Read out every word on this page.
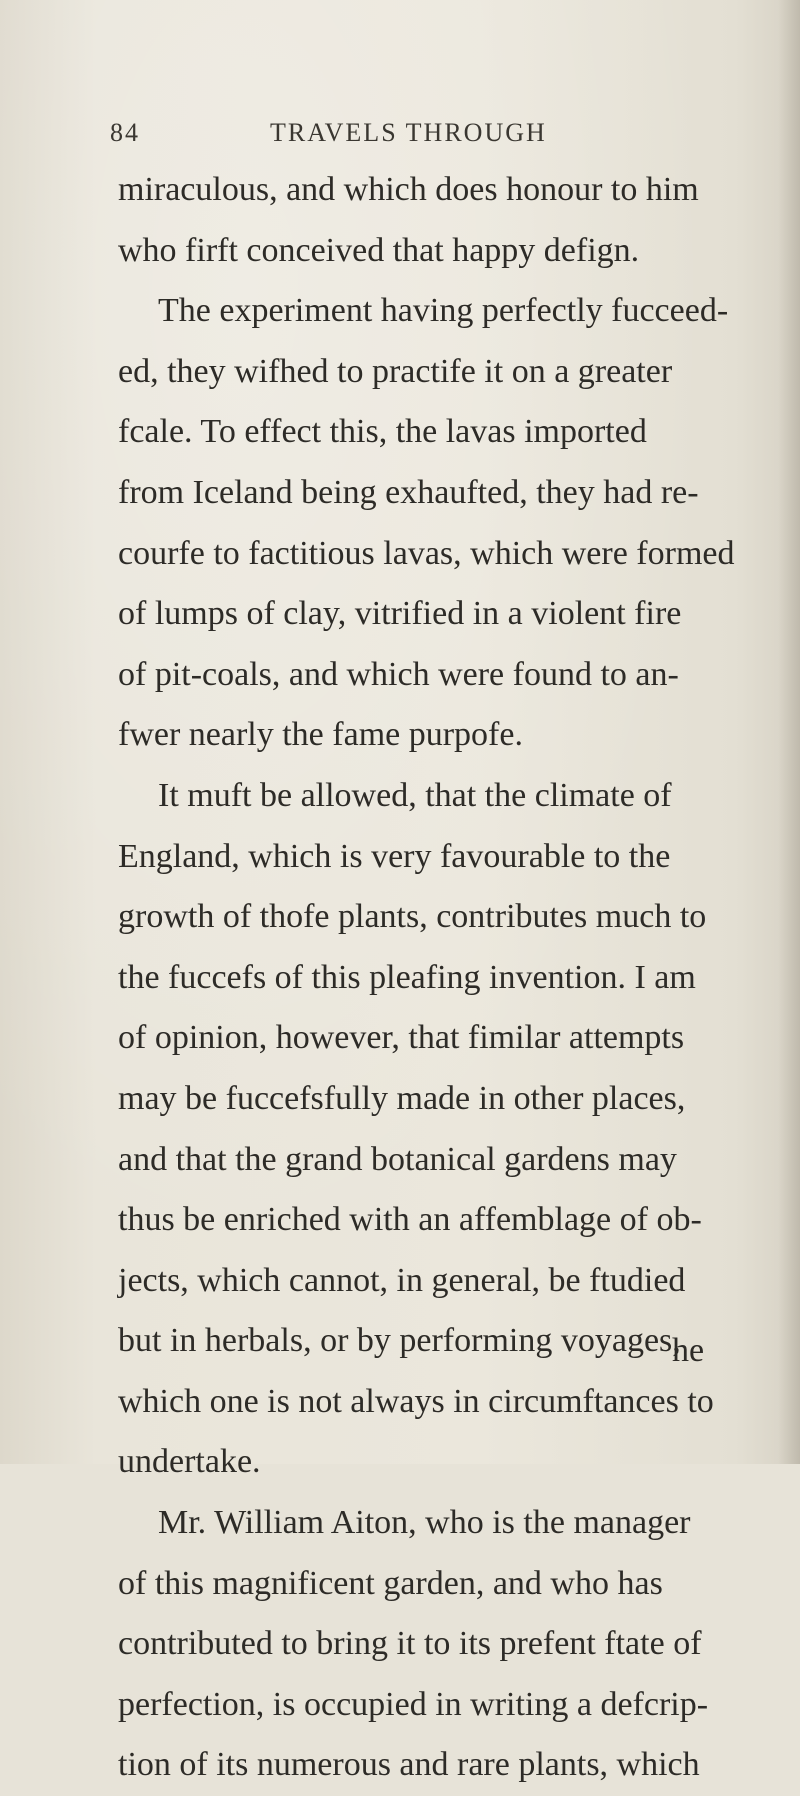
84	TRAVELS THROUGH
miraculous, and which does honour to him
who firft conceived that happy defign.
The experiment having perfectly fucceed-
ed, they wifhed to practife it on a greater
fcale. To effect this, the lavas imported
from Iceland being exhaufted, they had re-
courfe to factitious lavas, which were formed
of lumps of clay, vitrified in a violent fire
of pit-coals, and which were found to an-
fwer nearly the fame purpofe.
It muft be allowed, that the climate of
England, which is very favourable to the
growth of thofe plants, contributes much to
the fuccefs of this pleafing invention. I am
of opinion, however, that fimilar attempts
may be fuccefsfully made in other places,
and that the grand botanical gardens may
thus be enriched with an affemblage of ob-
jects, which cannot, in general, be ftudied
but in herbals, or by performing voyages,
which one is not always in circumftances to
undertake.
Mr. William Aiton, who is the manager
of this magnificent garden, and who has
contributed to bring it to its prefent ftate of
perfection, is occupied in writing a defcrip-
tion of its numerous and rare plants, which
he
